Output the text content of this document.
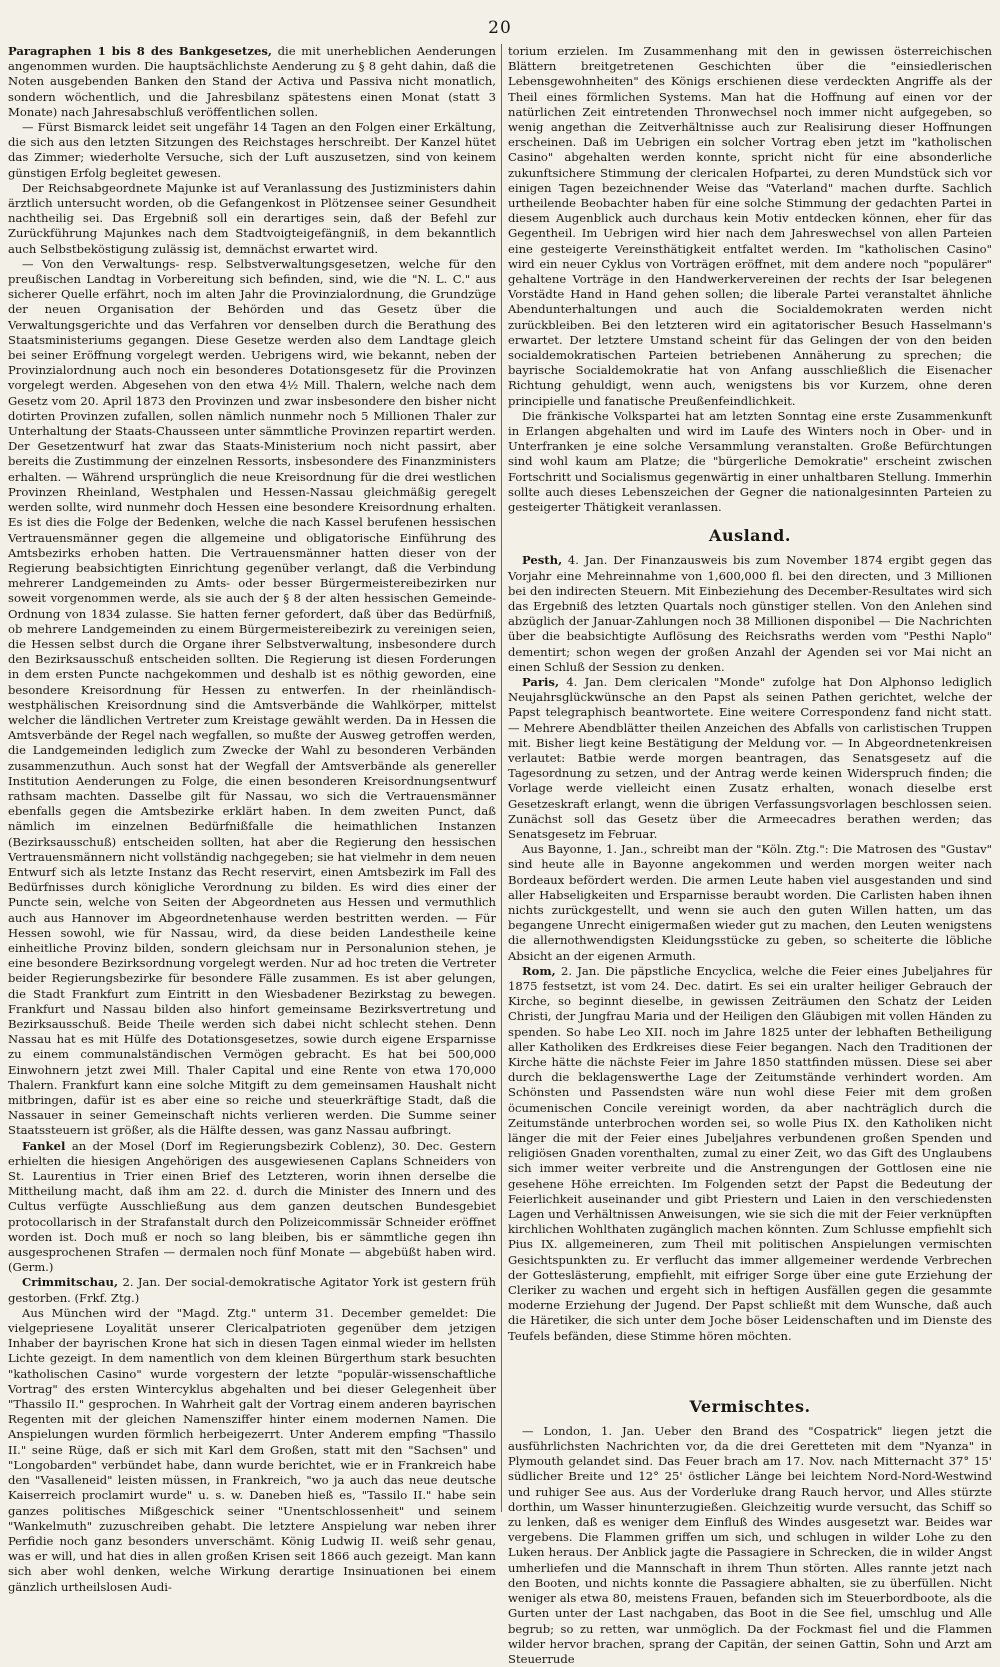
20

Paragraphen 1 bis 8 des Bankgesetzes, die mit unerheblichen Aenderungen angenommen wurden. Die hauptsächlichste Aenderung zu § 8 geht dahin, daß die Noten ausgebenden Banken den Stand der Activa und Passiva nicht monatlich, sondern wöchentlich, und die Jahresbilanz spätestens einen Monat (statt 3 Monate) nach Jahresabschluß veröffentlichen sollen.

— Fürst Bismarck leidet seit ungefähr 14 Tagen an den Folgen einer Erkältung, die sich aus den letzten Sitzungen des Reichstages herschreibt. Der Kanzel hütet das Zimmer; wiederholte Versuche, sich der Luft auszusetzen, sind von keinem günstigen Erfolg begleitet gewesen.

Der Reichsabgeordnete Majunke ist auf Veranlassung des Justizministers dahin ärztlich untersucht worden, ob die Gefangenkost in Plötzensee seiner Gesundheit nachtheilig sei. Das Ergebniß soll ein derartiges sein, daß der Befehl zur Zurückführung Majunkes nach dem Stadtvoigteigefängniß, in dem bekanntlich auch Selbstbeköstigung zulässig ist, demnächst erwartet wird.

— Von den Verwaltungs- resp. Selbstverwaltungsgesetzen, welche für den preußischen Landtag in Vorbereitung sich befinden, sind, wie die "N. L. C." aus sicherer Quelle erfährt, noch im alten Jahr die Provinzialordnung, die Grundzüge der neuen Organisation der Behörden und das Gesetz über die Verwaltungsgerichte und das Verfahren vor denselben durch die Berathung des Staatsministeriums gegangen. Diese Gesetze werden also dem Landtage gleich bei seiner Eröffnung vorgelegt werden. Uebrigens wird, wie bekannt, neben der Provinzialordnung auch noch ein besonderes Dotationsgesetz für die Provinzen vorgelegt werden. Abgesehen von den etwa 4½ Mill. Thalern, welche nach dem Gesetz vom 20. April 1873 den Provinzen und zwar insbesondere den bisher nicht dotirten Provinzen zufallen, sollen nämlich nunmehr noch 5 Millionen Thaler zur Unterhaltung der Staats-Chausseen unter sämmtliche Provinzen repartirt werden. Der Gesetzentwurf hat zwar das Staats-Ministerium noch nicht passirt, aber bereits die Zustimmung der einzelnen Ressorts, insbesondere des Finanzministers erhalten. — Während ursprünglich die neue Kreisordnung für die drei westlichen Provinzen Rheinland, Westphalen und Hessen-Nassau gleichmäßig geregelt werden sollte, wird nunmehr doch Hessen eine besondere Kreisordnung erhalten. Es ist dies die Folge der Bedenken, welche die nach Kassel berufenen hessischen Vertrauensmänner gegen die allgemeine und obligatorische Einführung des Amtsbezirks erhoben hatten. Die Vertrauensmänner hatten dieser von der Regierung beabsichtigten Einrichtung gegenüber verlangt, daß die Verbindung mehrerer Landgemeinden zu Amts- oder besser Bürgermeistereibezirken nur soweit vorgenommen werde, als sie auch der § 8 der alten hessischen Gemeinde-Ordnung von 1834 zulasse. Sie hatten ferner gefordert, daß über das Bedürfniß, ob mehrere Landgemeinden zu einem Bürgermeistereibezirk zu vereinigen seien, die Hessen selbst durch die Organe ihrer Selbstverwaltung, insbesondere durch den Bezirksausschuß entscheiden sollten. Die Regierung ist diesen Forderungen in dem ersten Puncte nachgekommen und deshalb ist es nöthig geworden, eine besondere Kreisordnung für Hessen zu entwerfen. In der rheinländisch-westphälischen Kreisordnung sind die Amtsverbände die Wahlkörper, mittelst welcher die ländlichen Vertreter zum Kreistage gewählt werden. Da in Hessen die Amtsverbände der Regel nach wegfallen, so mußte der Ausweg getroffen werden, die Landgemeinden lediglich zum Zwecke der Wahl zu besonderen Verbänden zusammenzuthun. Auch sonst hat der Wegfall der Amtsverbände als genereller Institution Aenderungen zu Folge, die einen besonderen Kreisordnungsentwurf rathsam machten. Dasselbe gilt für Nassau, wo sich die Vertrauensmänner ebenfalls gegen die Amtsbezirke erklärt haben. In dem zweiten Punct, daß nämlich im einzelnen Bedürfnißfalle die heimathlichen Instanzen (Bezirksausschuß) entscheiden sollten, hat aber die Regierung den hessischen Vertrauensmännern nicht vollständig nachgegeben; sie hat vielmehr in dem neuen Entwurf sich als letzte Instanz das Recht reservirt, einen Amtsbezirk im Fall des Bedürfnisses durch königliche Verordnung zu bilden. Es wird dies einer der Puncte sein, welche von Seiten der Abgeordneten aus Hessen und vermuthlich auch aus Hannover im Abgeordnetenhause werden bestritten werden. — Für Hessen sowohl, wie für Nassau, wird, da diese beiden Landestheile keine einheitliche Provinz bilden, sondern gleichsam nur in Personalunion stehen, je eine besondere Bezirksordnung vorgelegt werden. Nur ad hoc treten die Vertreter beider Regierungsbezirke für besondere Fälle zusammen. Es ist aber gelungen, die Stadt Frankfurt zum Eintritt in den Wiesbadener Bezirkstag zu bewegen. Frankfurt und Nassau bilden also hinfort gemeinsame Bezirksvertretung und Bezirksausschuß. Beide Theile werden sich dabei nicht schlecht stehen. Denn Nassau hat es mit Hülfe des Dotationsgesetzes, sowie durch eigene Ersparnisse zu einem communalständischen Vermögen gebracht. Es hat bei 500,000 Einwohnern jetzt zwei Mill. Thaler Capital und eine Rente von etwa 170,000 Thalern. Frankfurt kann eine solche Mitgift zu dem gemeinsamen Haushalt nicht mitbringen, dafür ist es aber eine so reiche und steuerkräftige Stadt, daß die Nassauer in seiner Gemeinschaft nichts verlieren werden. Die Summe seiner Staatssteuern ist größer, als die Hälfte dessen, was ganz Nassau aufbringt.

Fankel an der Mosel (Dorf im Regierungsbezirk Coblenz), 30. Dec. Gestern erhielten die hiesigen Angehörigen des ausgewiesenen Caplans Schneiders von St. Laurentius in Trier einen Brief des Letzteren, worin ihnen derselbe die Mittheilung macht, daß ihm am 22. d. durch die Minister des Innern und des Cultus verfügte Ausschließung aus dem ganzen deutschen Bundesgebiet protocollarisch in der Strafanstalt durch den Polizeicommissär Schneider eröffnet worden ist. Doch muß er noch so lang bleiben, bis er sämmtliche gegen ihn ausgesprochenen Strafen — dermalen noch fünf Monate — abgebüßt haben wird. (Germ.)

Crimmitschau, 2. Jan. Der social-demokratische Agitator York ist gestern früh gestorben. (Frkf. Ztg.)

Aus München wird der "Magd. Ztg." unterm 31. December gemeldet: Die vielgepriesene Loyalität unserer Clericalpatrioten gegenüber dem jetzigen Inhaber der bayrischen Krone hat sich in diesen Tagen einmal wieder im hellsten Lichte gezeigt. In dem namentlich von dem kleinen Bürgerthum stark besuchten "katholischen Casino" wurde vorgestern der letzte "populär-wissenschaftliche Vortrag" des ersten Wintercyklus abgehalten und bei dieser Gelegenheit über "Thassilo II." gesprochen. In Wahrheit galt der Vortrag einem anderen bayrischen Regenten mit der gleichen Namensziffer hinter einem modernen Namen. Die Anspielungen wurden förmlich herbeigezerrt. Unter Anderem empfing "Thassilo II." seine Rüge, daß er sich mit Karl dem Großen, statt mit den "Sachsen" und "Longobarden" verbündet habe, dann wurde berichtet, wie er in Frankreich habe den "Vasalleneid" leisten müssen, in Frankreich, "wo ja auch das neue deutsche Kaiserreich proclamirt wurde" u. s. w. Daneben hieß es, "Tassilo II." habe sein ganzes politisches Mißgeschick seiner "Unentschlossenheit" und seinem "Wankelmuth" zuzuschreiben gehabt. Die letztere Anspielung war neben ihrer Perfidie noch ganz besonders unverschämt. König Ludwig II. weiß sehr genau, was er will, und hat dies in allen großen Krisen seit 1866 auch gezeigt. Man kann sich aber wohl denken, welche Wirkung derartige Insinuationen bei einem gänzlich urtheilslosen Audi-

torium erzielen. Im Zusammenhang mit den in gewissen österreichischen Blättern breitgetretenen Geschichten über die "einsiedlerischen Lebensgewohnheiten" des Königs erschienen diese verdeckten Angriffe als der Theil eines förmlichen Systems. Man hat die Hoffnung auf einen vor der natürlichen Zeit eintretenden Thronwechsel noch immer nicht aufgegeben, so wenig angethan die Zeitverhältnisse auch zur Realisirung dieser Hoffnungen erscheinen. Daß im Uebrigen ein solcher Vortrag eben jetzt im "katholischen Casino" abgehalten werden konnte, spricht nicht für eine absonderliche zukunftsichere Stimmung der clericalen Hofpartei, zu deren Mundstück sich vor einigen Tagen bezeichnender Weise das "Vaterland" machen durfte. Sachlich urtheilende Beobachter haben für eine solche Stimmung der gedachten Partei in diesem Augenblick auch durchaus kein Motiv entdecken können, eher für das Gegentheil. Im Uebrigen wird hier nach dem Jahreswechsel von allen Parteien eine gesteigerte Vereinsthätigkeit entfaltet werden. Im "katholischen Casino" wird ein neuer Cyklus von Vorträgen eröffnet, mit dem andere noch "populärer" gehaltene Vorträge in den Handwerkervereinen der rechts der Isar belegenen Vorstädte Hand in Hand gehen sollen; die liberale Partei veranstaltet ähnliche Abendunterhaltungen und auch die Socialdemokraten werden nicht zurückbleiben. Bei den letzteren wird ein agitatorischer Besuch Hasselmann's erwartet. Der letztere Umstand scheint für das Gelingen der von den beiden socialdemokratischen Parteien betriebenen Annäherung zu sprechen; die bayrische Socialdemokratie hat von Anfang ausschließlich die Eisenacher Richtung gehuldigt, wenn auch, wenigstens bis vor Kurzem, ohne deren principielle und fanatische Preußenfeindlichkeit.

Die fränkische Volkspartei hat am letzten Sonntag eine erste Zusammenkunft in Erlangen abgehalten und wird im Laufe des Winters noch in Ober- und in Unterfranken je eine solche Versammlung veranstalten. Große Befürchtungen sind wohl kaum am Platze; die "bürgerliche Demokratie" erscheint zwischen Fortschritt und Socialismus gegenwärtig in einer unhaltbaren Stellung. Immerhin sollte auch dieses Lebenszeichen der Gegner die nationalgesinnten Parteien zu gesteigerter Thätigkeit veranlassen.

Ausland.

Pesth, 4. Jan. Der Finanzausweis bis zum November 1874 ergibt gegen das Vorjahr eine Mehreinnahme von 1,600,000 fl. bei den directen, und 3 Millionen bei den indirecten Steuern. Mit Einbeziehung des December-Resultates wird sich das Ergebniß des letzten Quartals noch günstiger stellen. Von den Anlehen sind abzüglich der Januar-Zahlungen noch 38 Millionen disponibel — Die Nachrichten über die beabsichtigte Auflösung des Reichsraths werden vom "Pesthi Naplo" dementirt; schon wegen der großen Anzahl der Agenden sei vor Mai nicht an einen Schluß der Session zu denken.

Paris, 4. Jan. Dem clericalen "Monde" zufolge hat Don Alphonso lediglich Neujahrsglückwünsche an den Papst als seinen Pathen gerichtet, welche der Papst telegraphisch beantwortete. Eine weitere Correspondenz fand nicht statt. — Mehrere Abendblätter theilen Anzeichen des Abfalls von carlistischen Truppen mit. Bisher liegt keine Bestätigung der Meldung vor. — In Abgeordnetenkreisen verlautet: Batbie werde morgen beantragen, das Senatsgesetz auf die Tagesordnung zu setzen, und der Antrag werde keinen Widerspruch finden; die Vorlage werde vielleicht einen Zusatz erhalten, wonach dieselbe erst Gesetzeskraft erlangt, wenn die übrigen Verfassungsvorlagen beschlossen seien. Zunächst soll das Gesetz über die Armeecadres berathen werden; das Senatsgesetz im Februar.

Aus Bayonne, 1. Jan., schreibt man der "Köln. Ztg.": Die Matrosen des "Gustav" sind heute alle in Bayonne angekommen und werden morgen weiter nach Bordeaux befördert werden. Die armen Leute haben viel ausgestanden und sind aller Habseligkeiten und Ersparnisse beraubt worden. Die Carlisten haben ihnen nichts zurückgestellt, und wenn sie auch den guten Willen hatten, um das begangene Unrecht einigermaßen wieder gut zu machen, den Leuten wenigstens die allernothwendigsten Kleidungsstücke zu geben, so scheiterte die löbliche Absicht an der eigenen Armuth.

Rom, 2. Jan. Die päpstliche Encyclica, welche die Feier eines Jubeljahres für 1875 festsetzt, ist vom 24. Dec. datirt. Es sei ein uralter heiliger Gebrauch der Kirche, so beginnt dieselbe, in gewissen Zeiträumen den Schatz der Leiden Christi, der Jungfrau Maria und der Heiligen den Gläubigen mit vollen Händen zu spenden. So habe Leo XII. noch im Jahre 1825 unter der lebhaften Betheiligung aller Katholiken des Erdkreises diese Feier begangen. Nach den Traditionen der Kirche hätte die nächste Feier im Jahre 1850 stattfinden müssen. Diese sei aber durch die beklagenswerthe Lage der Zeitumstände verhindert worden. Am Schönsten und Passendsten wäre nun wohl diese Feier mit dem großen öcumenischen Concile vereinigt worden, da aber nachträglich durch die Zeitumstände unterbrochen worden sei, so wolle Pius IX. den Katholiken nicht länger die mit der Feier eines Jubeljahres verbundenen großen Spenden und religiösen Gnaden vorenthalten, zumal zu einer Zeit, wo das Gift des Unglaubens sich immer weiter verbreite und die Anstrengungen der Gottlosen eine nie gesehene Höhe erreichten. Im Folgenden setzt der Papst die Bedeutung der Feierlichkeit auseinander und gibt Priestern und Laien in den verschiedensten Lagen und Verhältnissen Anweisungen, wie sie sich die mit der Feier verknüpften kirchlichen Wohlthaten zugänglich machen könnten. Zum Schlusse empfiehlt sich Pius IX. allgemeineren, zum Theil mit politischen Anspielungen vermischten Gesichtspunkten zu. Er verflucht das immer allgemeiner werdende Verbrechen der Gotteslästerung, empfiehlt, mit eifriger Sorge über eine gute Erziehung der Cleriker zu wachen und ergeht sich in heftigen Ausfällen gegen die gesammte moderne Erziehung der Jugend. Der Papst schließt mit dem Wunsche, daß auch die Häretiker, die sich unter dem Joche böser Leidenschaften und im Dienste des Teufels befänden, diese Stimme hören möchten.

Vermischtes.

— London, 1. Jan. Ueber den Brand des "Cospatrick" liegen jetzt die ausführlichsten Nachrichten vor, da die drei Geretteten mit dem "Nyanza" in Plymouth gelandet sind. Das Feuer brach am 17. Nov. nach Mitternacht 37° 15' südlicher Breite und 12° 25' östlicher Länge bei leichtem Nord-Nord-Westwind und ruhiger See aus. Aus der Vorderluke drang Rauch hervor, und Alles stürzte dorthin, um Wasser hinunterzugießen. Gleichzeitig wurde versucht, das Schiff so zu lenken, daß es weniger dem Einfluß des Windes ausgesetzt war. Beides war vergebens. Die Flammen griffen um sich, und schlugen in wilder Lohe zu den Luken heraus. Der Anblick jagte die Passagiere in Schrecken, die in wilder Angst umherliefen und die Mannschaft in ihrem Thun störten. Alles rannte jetzt nach den Booten, und nichts konnte die Passagiere abhalten, sie zu überfüllen. Nicht weniger als etwa 80, meistens Frauen, befanden sich im Steuerbordboote, als die Gurten unter der Last nachgaben, das Boot in die See fiel, umschlug und Alle begrub; so zu retten, war unmöglich. Da der Fockmast fiel und die Flammen wilder hervor brachen, sprang der Capitän, der seinen Gattin, Sohn und Arzt am Steuerrude
